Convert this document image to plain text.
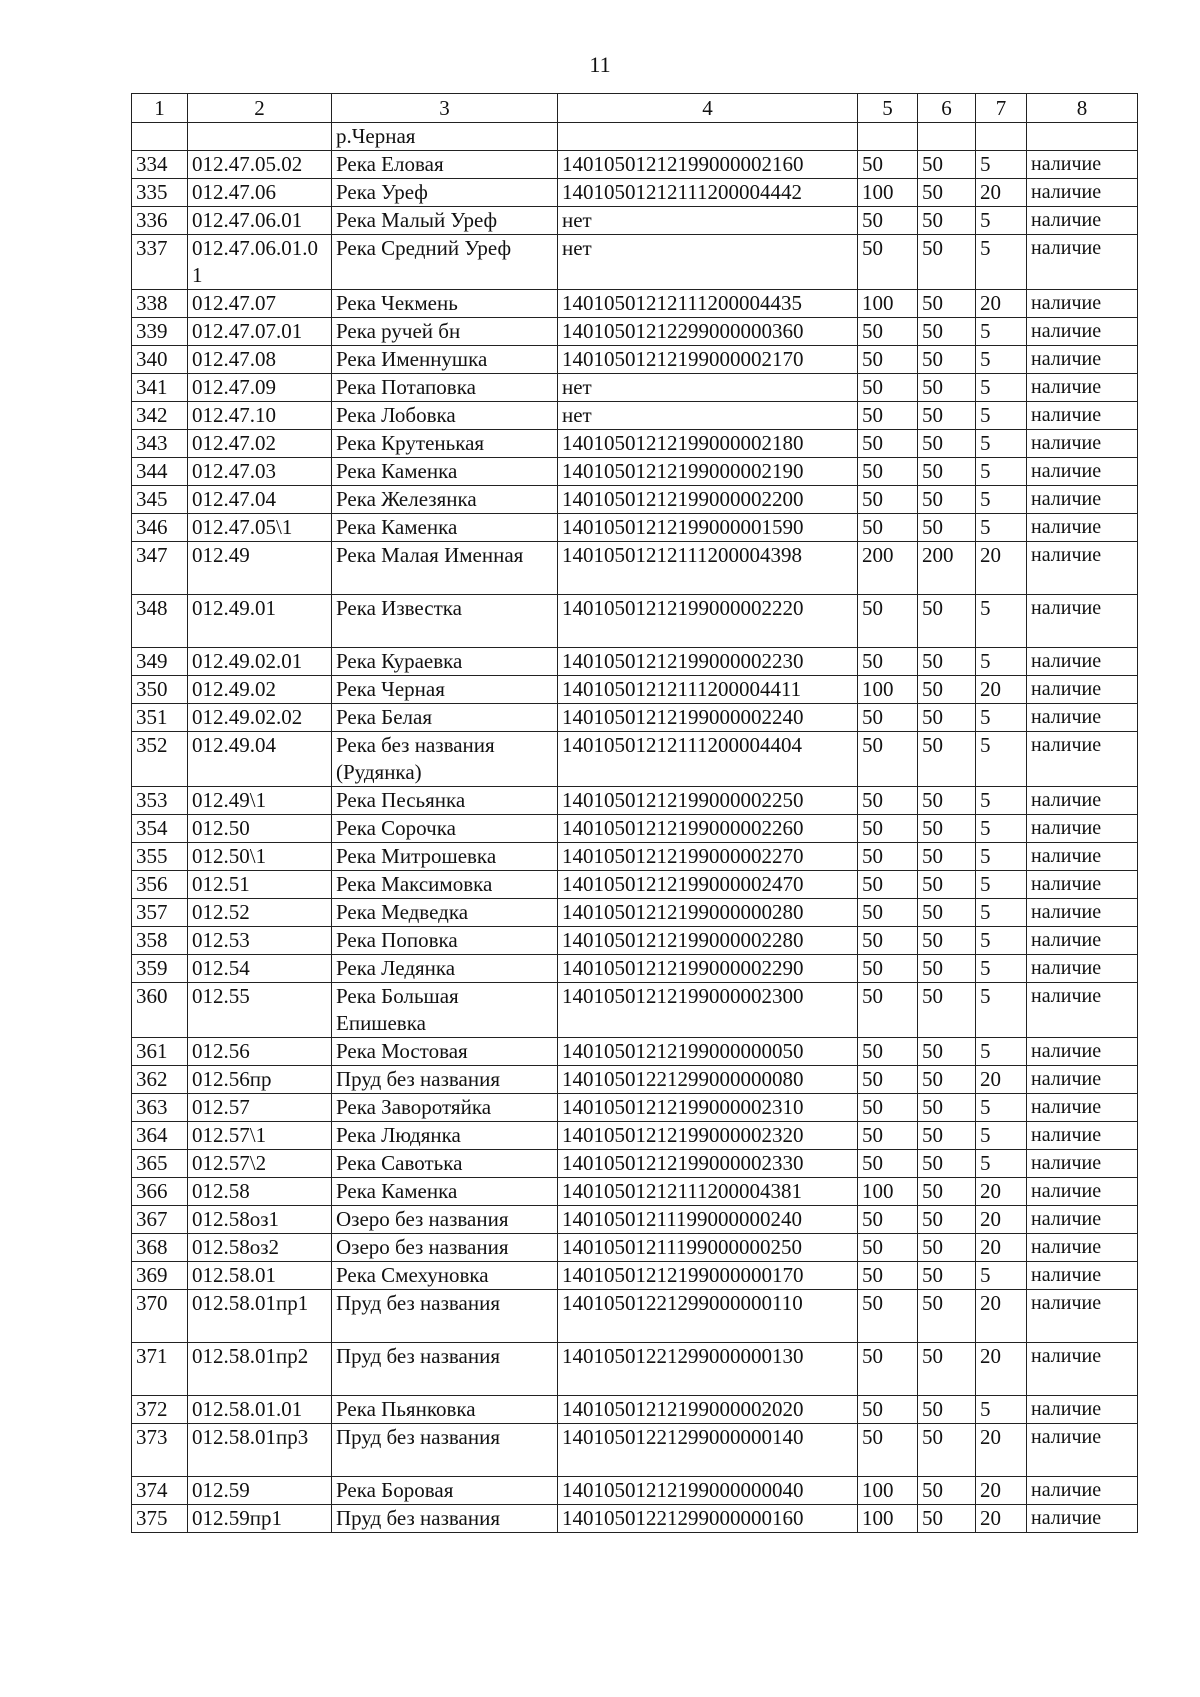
11
1	2	3	4	5	6	7	8
		р.Черная					
334	012.47.05.02	Река Еловая	14010501212199000002160	50	50	5	наличие
335	012.47.06	Река Уреф	14010501212111200004442	100	50	20	наличие
336	012.47.06.01	Река Малый Уреф	нет	50	50	5	наличие
337	012.47.06.01.01	Река Средний Уреф	нет	50	50	5	наличие
338	012.47.07	Река Чекмень	14010501212111200004435	100	50	20	наличие
339	012.47.07.01	Река ручей бн	14010501212299000000360	50	50	5	наличие
340	012.47.08	Река Именнушка	14010501212199000002170	50	50	5	наличие
341	012.47.09	Река Потаповка	нет	50	50	5	наличие
342	012.47.10	Река Лобовка	нет	50	50	5	наличие
343	012.47.02	Река Крутенькая	14010501212199000002180	50	50	5	наличие
344	012.47.03	Река Каменка	14010501212199000002190	50	50	5	наличие
345	012.47.04	Река Железянка	14010501212199000002200	50	50	5	наличие
346	012.47.05\1	Река Каменка	14010501212199000001590	50	50	5	наличие
347	012.49	Река Малая Именная	14010501212111200004398	200	200	20	наличие
348	012.49.01	Река Известка	14010501212199000002220	50	50	5	наличие
349	012.49.02.01	Река Кураевка	14010501212199000002230	50	50	5	наличие
350	012.49.02	Река Черная	14010501212111200004411	100	50	20	наличие
351	012.49.02.02	Река Белая	14010501212199000002240	50	50	5	наличие
352	012.49.04	Река без названия (Рудянка)	14010501212111200004404	50	50	5	наличие
353	012.49\1	Река Песьянка	14010501212199000002250	50	50	5	наличие
354	012.50	Река Сорочка	14010501212199000002260	50	50	5	наличие
355	012.50\1	Река Митрошевка	14010501212199000002270	50	50	5	наличие
356	012.51	Река Максимовка	14010501212199000002470	50	50	5	наличие
357	012.52	Река Медведка	14010501212199000000280	50	50	5	наличие
358	012.53	Река Поповка	14010501212199000002280	50	50	5	наличие
359	012.54	Река Ледянка	14010501212199000002290	50	50	5	наличие
360	012.55	Река Большая Епишевка	14010501212199000002300	50	50	5	наличие
361	012.56	Река Мостовая	14010501212199000000050	50	50	5	наличие
362	012.56пр	Пруд без названия	14010501221299000000080	50	50	20	наличие
363	012.57	Река Заворотяйка	14010501212199000002310	50	50	5	наличие
364	012.57\1	Река Людянка	14010501212199000002320	50	50	5	наличие
365	012.57\2	Река Савотька	14010501212199000002330	50	50	5	наличие
366	012.58	Река Каменка	14010501212111200004381	100	50	20	наличие
367	012.58оз1	Озеро без названия	14010501211199000000240	50	50	20	наличие
368	012.58оз2	Озеро без названия	14010501211199000000250	50	50	20	наличие
369	012.58.01	Река Смехуновка	14010501212199000000170	50	50	5	наличие
370	012.58.01пр1	Пруд без названия	14010501221299000000110	50	50	20	наличие
371	012.58.01пр2	Пруд без названия	14010501221299000000130	50	50	20	наличие
372	012.58.01.01	Река Пьянковка	14010501212199000002020	50	50	5	наличие
373	012.58.01пр3	Пруд без названия	14010501221299000000140	50	50	20	наличие
374	012.59	Река Боровая	14010501212199000000040	100	50	20	наличие
375	012.59пр1	Пруд без названия	14010501221299000000160	100	50	20	наличие
